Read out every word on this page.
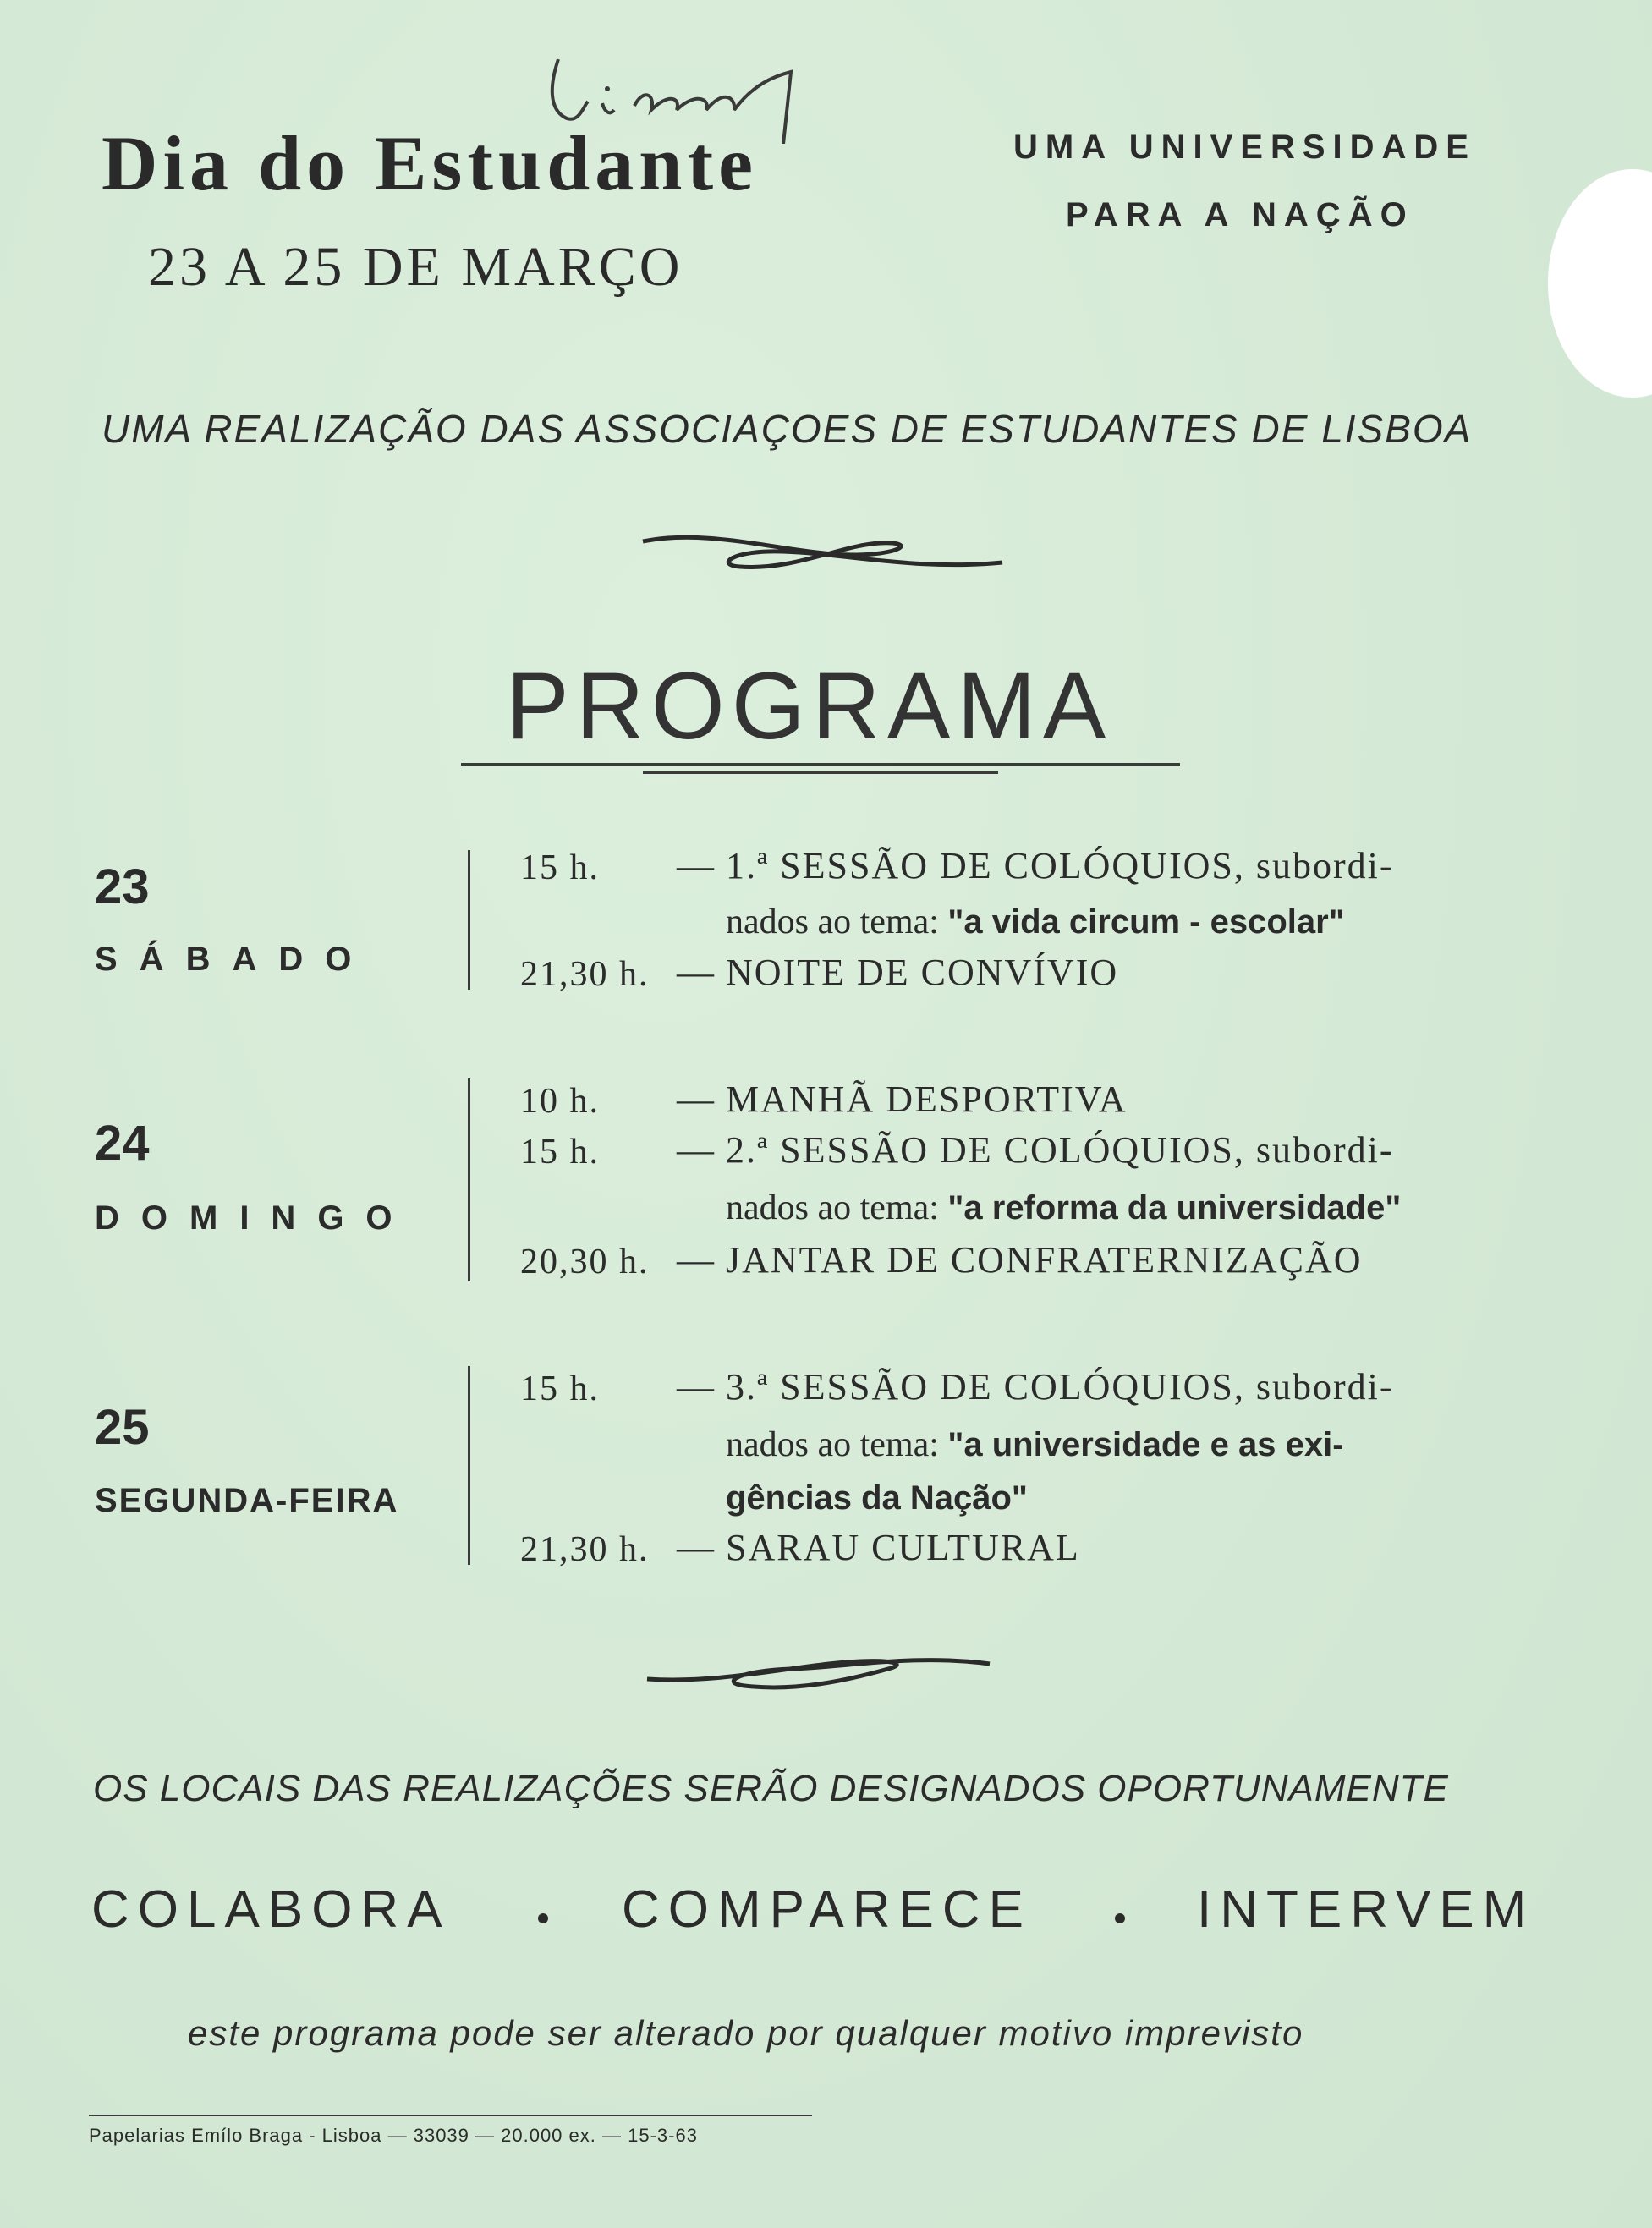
Dia do Estudante
23 A 25 DE MARÇO
UMA UNIVERSIDADE
PARA A NAÇÃO
UMA REALIZAÇÃO DAS ASSOCIAÇOES DE ESTUDANTES DE LISBOA
PROGRAMA
23
SÁBADO
15 h. — 1.ª SESSÃO DE COLÓQUIOS, subordi-
nados ao tema: "a vida circum - escolar"
21,30 h. — NOITE DE CONVÍVIO
24
DOMINGO
10 h. — MANHÃ DESPORTIVA
15 h. — 2.ª SESSÃO DE COLÓQUIOS, subordi-
nados ao tema: "a reforma da universidade"
20,30 h. — JANTAR DE CONFRATERNIZAÇÃO
25
SEGUNDA-FEIRA
15 h. — 3.ª SESSÃO DE COLÓQUIOS, subordi-
nados ao tema: "a universidade e as exi-
gências da Nação"
21,30 h. — SARAU CULTURAL
OS LOCAIS DAS REALIZAÇÕES SERÃO DESIGNADOS OPORTUNAMENTE
COLABORA	COMPARECE	INTERVEM
este programa pode ser alterado por qualquer motivo imprevisto
Papelarias Emílo Braga - Lisboa — 33039 — 20.000 ex. — 15-3-63
